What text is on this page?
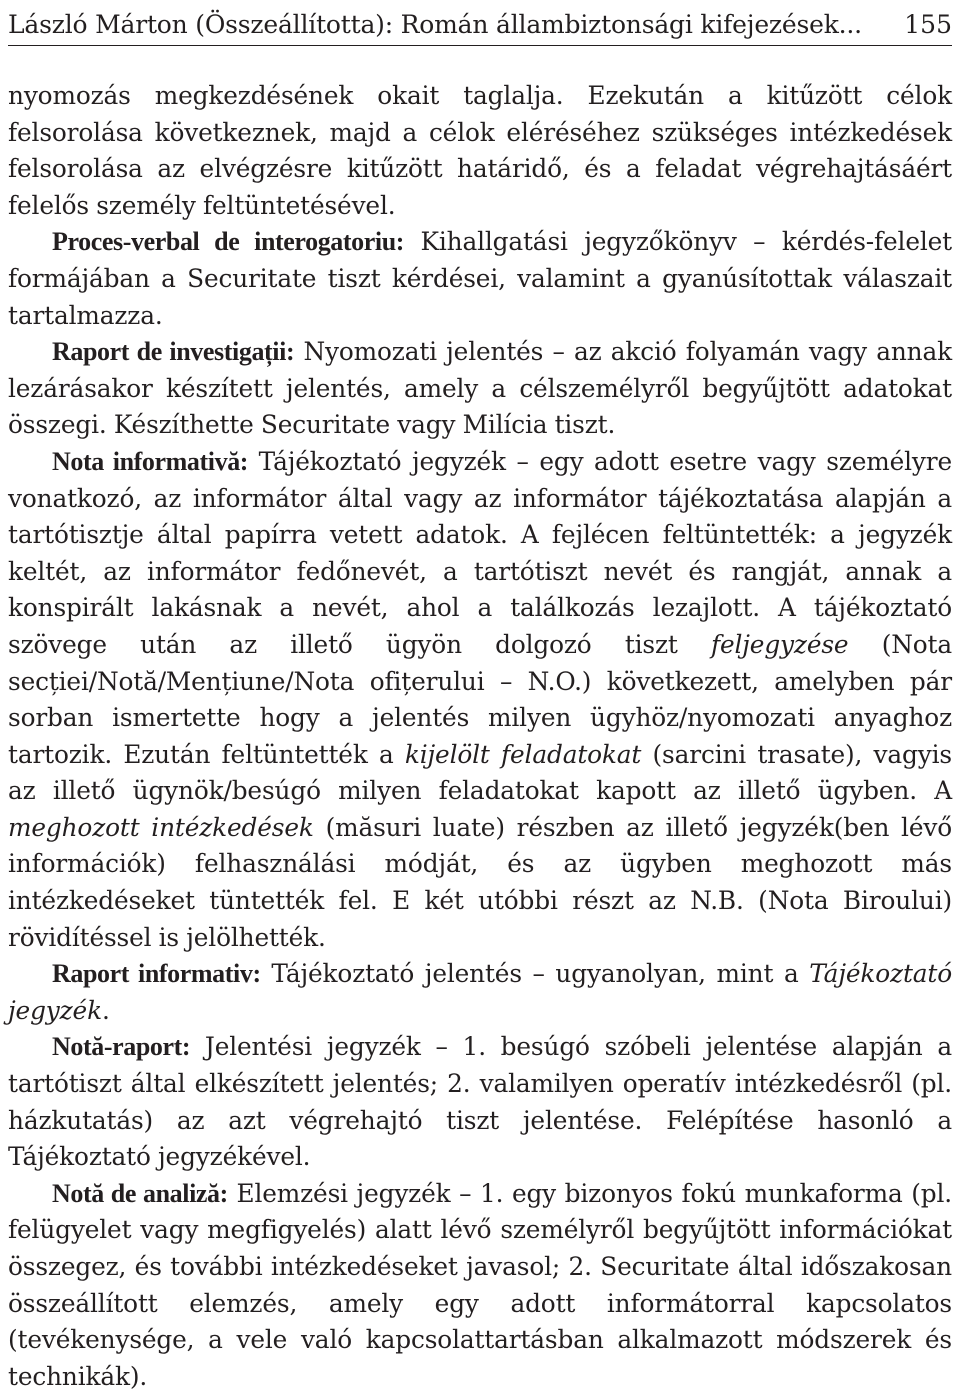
László Márton (Összeállította): Román állambiztonsági kifejezések... 155

nyomozás megkezdésének okait taglalja. Ezekután a kitűzött célok felsorolása következnek, majd a célok eléréséhez szükséges intézkedések felsorolása az elvégzésre kitűzött határidő, és a feladat végrehajtásáért felelős személy feltüntetésével.

Proces-verbal de interogatoriu: Kihallgatási jegyzőkönyv – kérdés-felelet formájában a Securitate tiszt kérdései, valamint a gyanúsítottak válaszait tartalmazza.

Raport de investigații: Nyomozati jelentés – az akció folyamán vagy annak lezárásakor készített jelentés, amely a célszemélyről begyűjtött adatokat összegi. Készíthette Securitate vagy Milícia tiszt.

Nota informativă: Tájékoztató jegyzék – egy adott esetre vagy személyre vonatkozó, az informátor által vagy az informátor tájékoztatása alapján a tartótisztje által papírra vetett adatok. A fejlécen feltüntették: a jegyzék keltét, az informátor fedőnevét, a tartótiszt nevét és rangját, annak a konspirált lakásnak a nevét, ahol a találkozás lezajlott. A tájékoztató szövege után az illető ügyön dolgozó tiszt feljegyzése (Nota secției/Notă/Mențiune/Nota ofițerului – N.O.) következett, amelyben pár sorban ismertette hogy a jelentés milyen ügyhöz/nyomozati anyaghoz tartozik. Ezután feltüntették a kijelölt feladatokat (sarcini trasate), vagyis az illető ügynök/besúgó milyen feladatokat kapott az illető ügyben. A meghozott intézkedések (măsuri luate) részben az illető jegyzék(ben lévő információk) felhasználási módját, és az ügyben meghozott más intézkedéseket tüntették fel. E két utóbbi részt az N.B. (Nota Biroului) rövidítéssel is jelölhették.

Raport informativ: Tájékoztató jelentés – ugyanolyan, mint a Tájékoztató jegyzék.

Notă-raport: Jelentési jegyzék – 1. besúgó szóbeli jelentése alapján a tartótiszt által elkészített jelentés; 2. valamilyen operatív intézkedésről (pl. házkutatás) az azt végrehajtó tiszt jelentése. Felépítése hasonló a Tájékoztató jegyzékével.

Notă de analiză: Elemzési jegyzék – 1. egy bizonyos fokú munkaforma (pl. felügyelet vagy megfigyelés) alatt lévő személyről begyűjtött információkat összegez, és további intézkedéseket javasol; 2. Securitate által időszakosan összeállított elemzés, amely egy adott informátorral kapcsolatos (tevékenysége, a vele való kapcsolattartásban alkalmazott módszerek és technikák).
